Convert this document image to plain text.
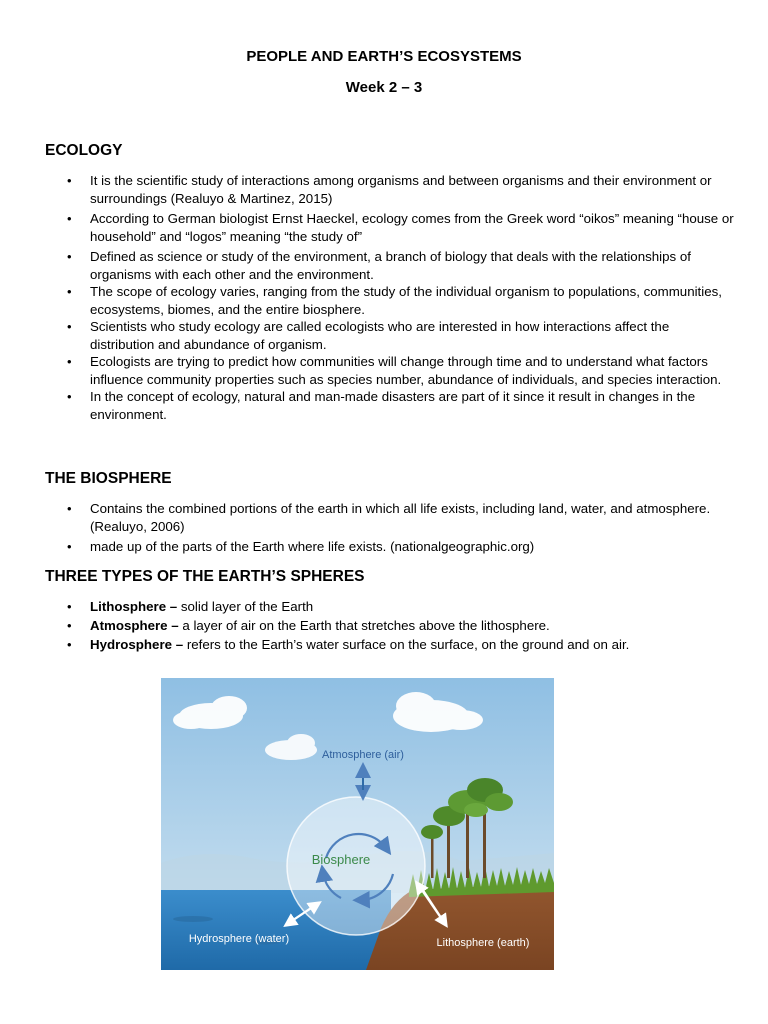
PEOPLE AND EARTH’S ECOSYSTEMS
Week 2 – 3
ECOLOGY
• It is the scientific study of interactions among organisms and between organisms and their environment or surroundings (Realuyo & Martinez, 2015)
• According to German biologist Ernst Haeckel, ecology comes from the Greek word “oikos” meaning “house or household” and “logos” meaning “the study of”
• Defined as science or study of the environment, a branch of biology that deals with the relationships of organisms with each other and the environment.
• The scope of ecology varies, ranging from the study of the individual organism to populations, communities, ecosystems, biomes, and the entire biosphere.
• Scientists who study ecology are called ecologists who are interested in how interactions affect the distribution and abundance of organism.
• Ecologists are trying to predict how communities will change through time and to understand what factors influence community properties such as species number, abundance of individuals, and species interaction.
• In the concept of ecology, natural and man-made disasters are part of it since it result in changes in the environment.
THE BIOSPHERE
• Contains the combined portions of the earth in which all life exists, including land, water, and atmosphere. (Realuyo, 2006)
• made up of the parts of the Earth where life exists. (nationalgeographic.org)
THREE TYPES OF THE EARTH’S SPHERES
• Lithosphere – solid layer of the Earth
• Atmosphere – a layer of air on the Earth that stretches above the lithosphere.
• Hydrosphere – refers to the Earth’s water surface on the surface, on the ground and on air.
Atmosphere (air)
Biosphere
Hydrosphere (water)	Lithosphere (earth)
